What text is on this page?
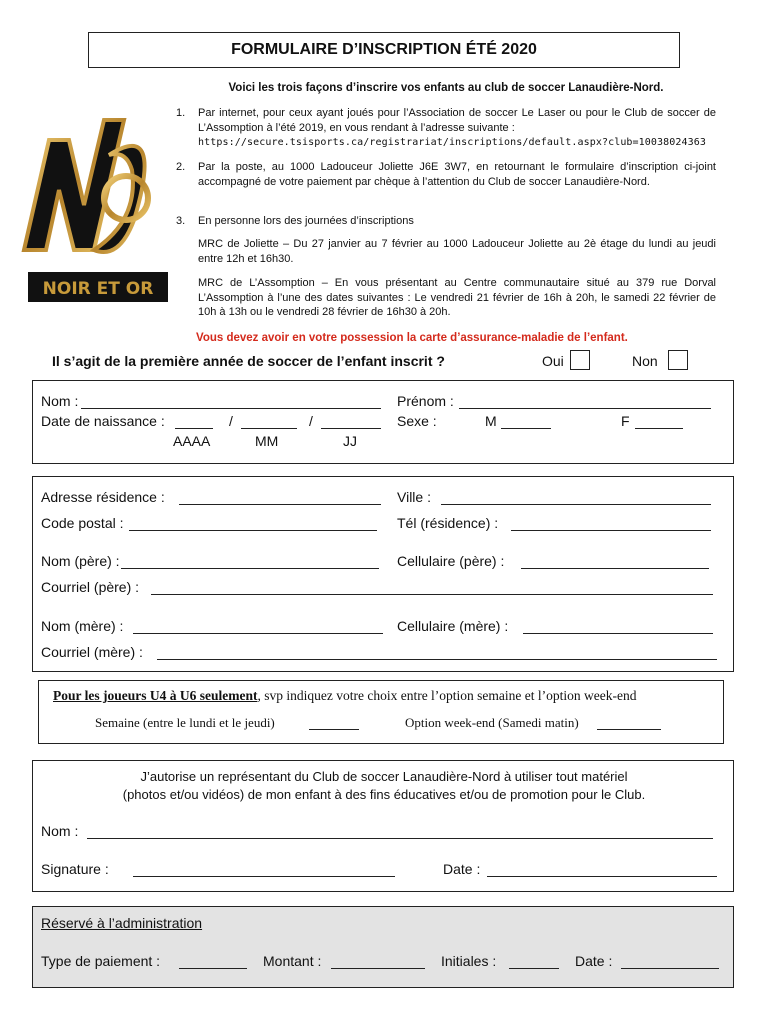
FORMULAIRE D’INSCRIPTION ÉTÉ 2020
NOIR ET OR
Voici les trois façons d’inscrire vos enfants au club de soccer Lanaudière-Nord.
1. Par internet, pour ceux ayant joués pour l’Association de soccer Le Laser ou pour le Club de soccer de L’Assomption à l’été 2019, en vous rendant à l’adresse suivante :
https://secure.tsisports.ca/registrariat/inscriptions/default.aspx?club=10038024363
2. Par la poste, au 1000 Ladouceur Joliette J6E 3W7, en retournant le formulaire d’inscription ci-joint accompagné de votre paiement par chèque à l’attention du Club de soccer Lanaudière-Nord.
3. En personne lors des journées d’inscriptions
MRC de Joliette – Du 27 janvier au 7 février au 1000 Ladouceur Joliette au 2è étage du lundi au jeudi entre 12h et 16h30.
MRC de L’Assomption – En vous présentant au Centre communautaire situé au 379 rue Dorval L’Assomption à l’une des dates suivantes : Le vendredi 21 février de 16h à 20h, le samedi 22 février de 10h à 13h ou le vendredi 28 février de 16h30 à 20h.
Vous devez avoir en votre possession la carte d’assurance-maladie de l’enfant.
Il s’agit de la première année de soccer de l’enfant inscrit ?	Oui	Non
Nom :	Prénom :
Date de naissance :	/	/	Sexe :	M	F
AAAA	MM	JJ
Adresse résidence :	Ville :
Code postal :	Tél (résidence) :
Nom (père) :	Cellulaire (père) :
Courriel (père) :
Nom (mère) :	Cellulaire (mère) :
Courriel (mère) :
Pour les joueurs U4 à U6 seulement, svp indiquez votre choix entre l’option semaine et l’option week-end
Semaine (entre le lundi et le jeudi)	Option week-end (Samedi matin)
J’autorise un représentant du Club de soccer Lanaudière-Nord à utiliser tout matériel
(photos et/ou vidéos) de mon enfant à des fins éducatives et/ou de promotion pour le Club.
Nom :
Signature :	Date :
Réservé à l’administration
Type de paiement :	Montant :	Initiales :	Date :
